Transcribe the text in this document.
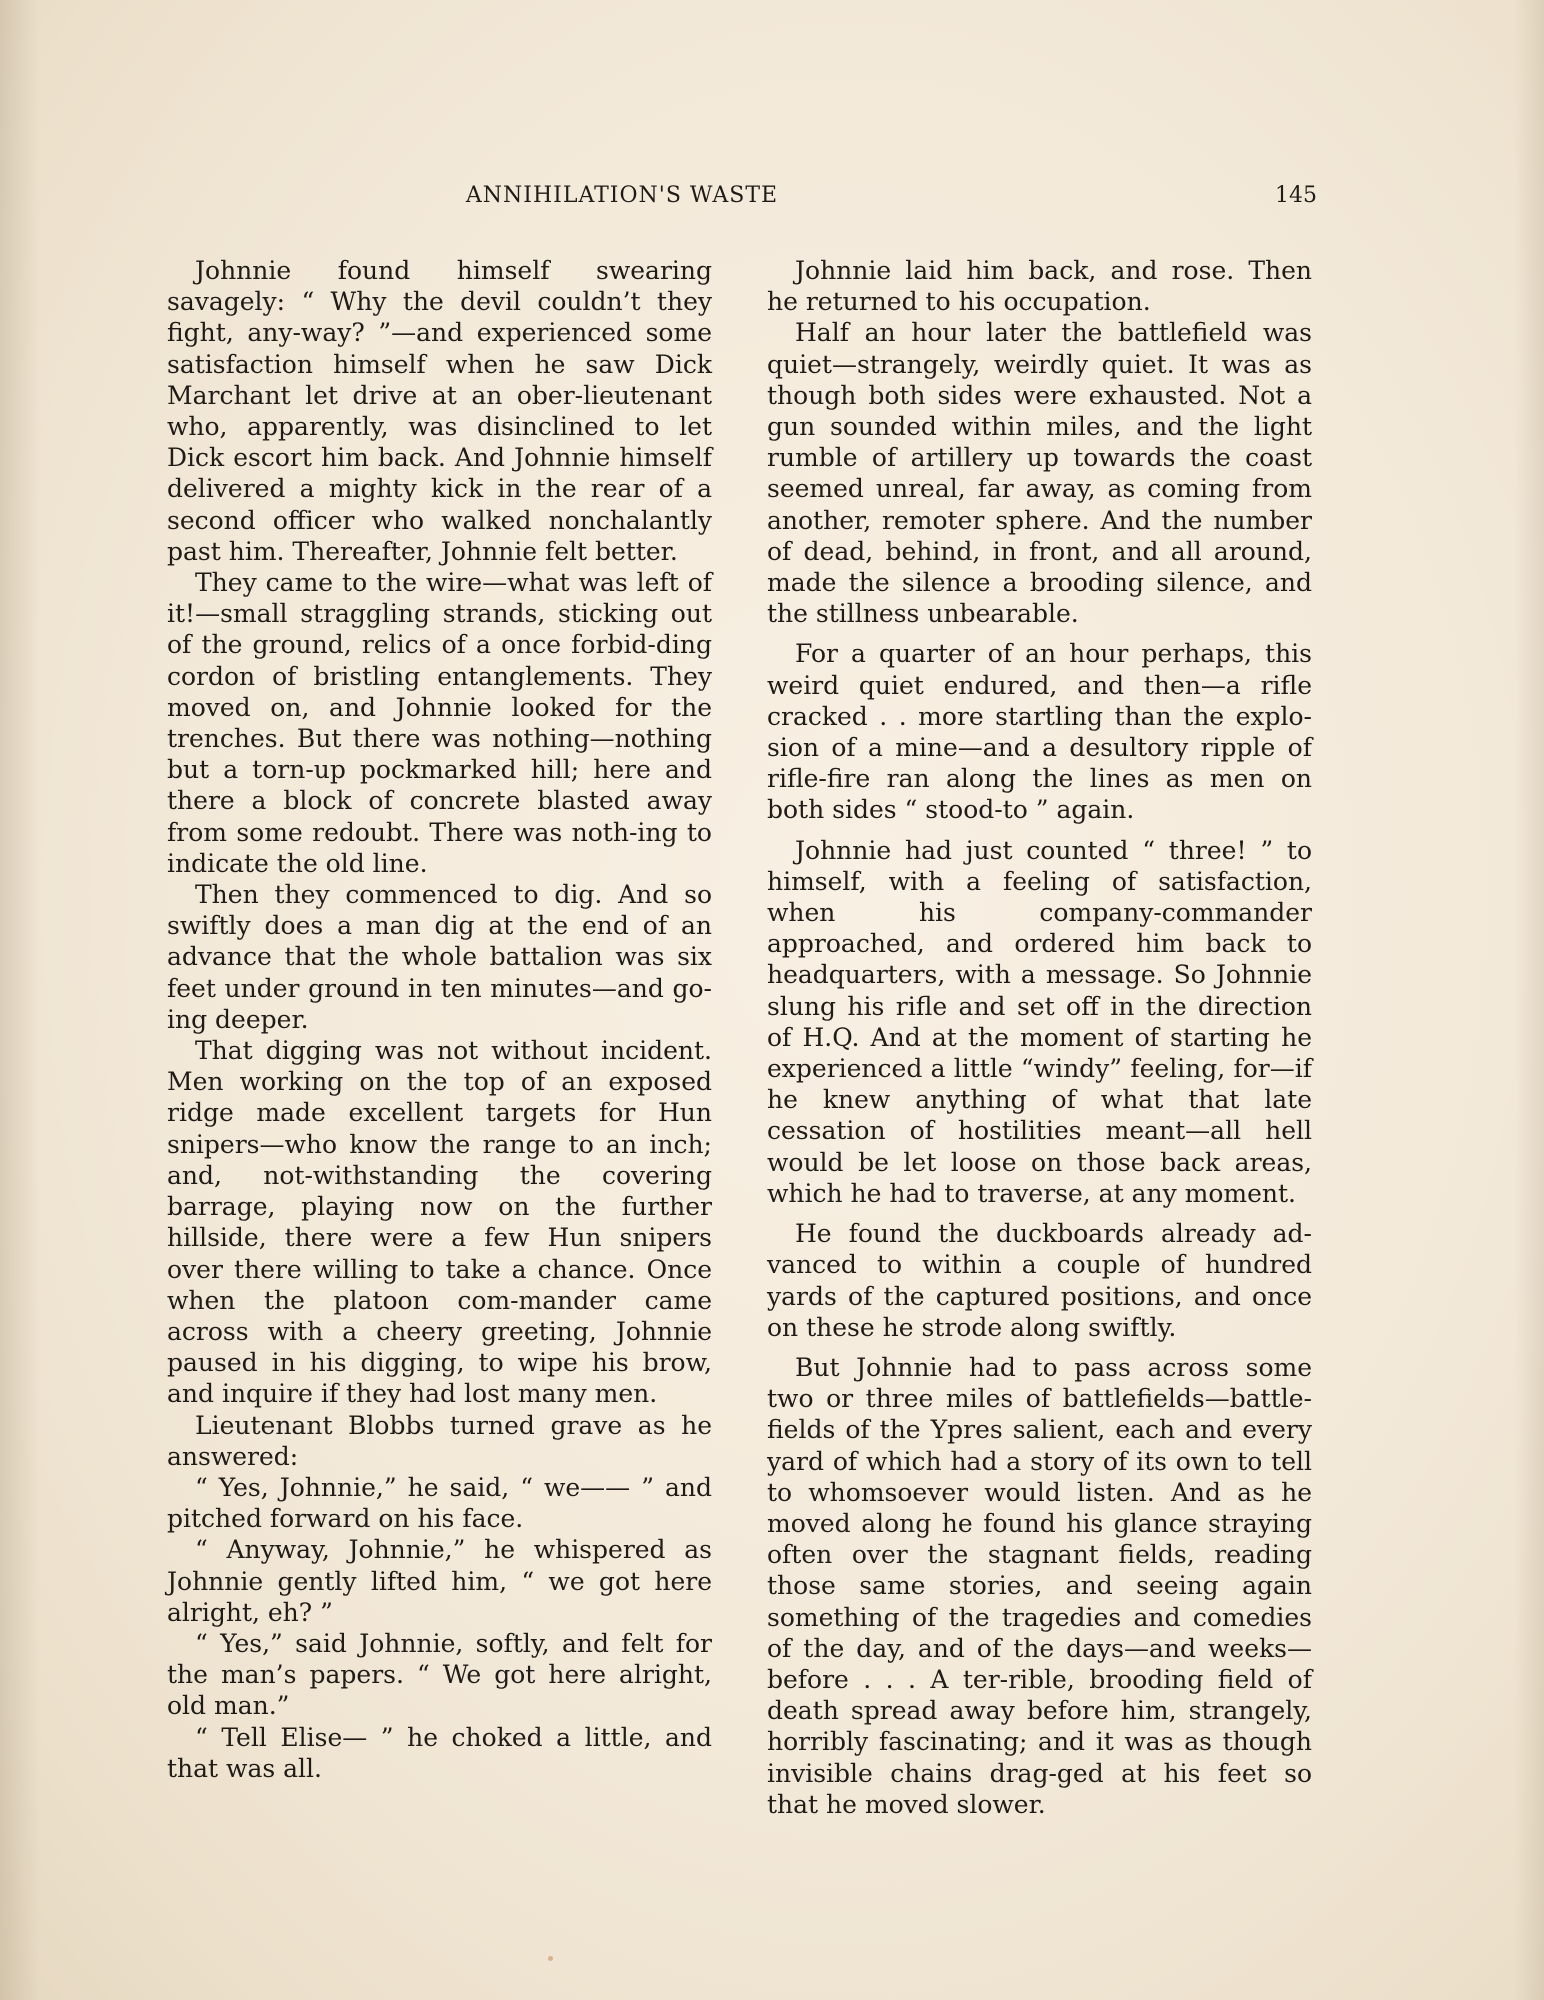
ANNIHILATION'S WASTE	145

Johnnie found himself swearing savagely: “ Why the devil couldn’t they fight, any-way? ”—and experienced some satisfaction himself when he saw Dick Marchant let drive at an ober-lieutenant who, apparently, was disinclined to let Dick escort him back. And Johnnie himself delivered a mighty kick in the rear of a second officer who walked nonchalantly past him. Thereafter, Johnnie felt better.

They came to the wire—what was left of it!—small straggling strands, sticking out of the ground, relics of a once forbid-ding cordon of bristling entanglements. They moved on, and Johnnie looked for the trenches. But there was nothing—nothing but a torn-up pockmarked hill; here and there a block of concrete blasted away from some redoubt. There was noth-ing to indicate the old line.

Then they commenced to dig. And so swiftly does a man dig at the end of an advance that the whole battalion was six feet under ground in ten minutes—and go-ing deeper.

That digging was not without incident. Men working on the top of an exposed ridge made excellent targets for Hun snipers—who know the range to an inch; and, not-withstanding the covering barrage, playing now on the further hillside, there were a few Hun snipers over there willing to take a chance. Once when the platoon com-mander came across with a cheery greeting, Johnnie paused in his digging, to wipe his brow, and inquire if they had lost many men.

Lieutenant Blobbs turned grave as he answered:

“ Yes, Johnnie,” he said, “ we—— ” and pitched forward on his face.

“ Anyway, Johnnie,” he whispered as Johnnie gently lifted him, “ we got here alright, eh? ”

“ Yes,” said Johnnie, softly, and felt for the man’s papers. “ We got here alright, old man.”

“ Tell Elise— ” he choked a little, and that was all.

Johnnie laid him back, and rose. Then he returned to his occupation.

Half an hour later the battlefield was quiet—strangely, weirdly quiet. It was as though both sides were exhausted. Not a gun sounded within miles, and the light rumble of artillery up towards the coast seemed unreal, far away, as coming from another, remoter sphere. And the number of dead, behind, in front, and all around, made the silence a brooding silence, and the stillness unbearable.

For a quarter of an hour perhaps, this weird quiet endured, and then—a rifle cracked . . more startling than the explo-sion of a mine—and a desultory ripple of rifle-fire ran along the lines as men on both sides “ stood-to ” again.

Johnnie had just counted “ three! ” to himself, with a feeling of satisfaction, when his company-commander approached, and ordered him back to headquarters, with a message. So Johnnie slung his rifle and set off in the direction of H.Q. And at the moment of starting he experienced a little “windy” feeling, for—if he knew anything of what that late cessation of hostilities meant—all hell would be let loose on those back areas, which he had to traverse, at any moment.

He found the duckboards already ad-vanced to within a couple of hundred yards of the captured positions, and once on these he strode along swiftly.

But Johnnie had to pass across some two or three miles of battlefields—battle-fields of the Ypres salient, each and every yard of which had a story of its own to tell to whomsoever would listen. And as he moved along he found his glance straying often over the stagnant fields, reading those same stories, and seeing again something of the tragedies and comedies of the day, and of the days—and weeks—before . . . A ter-rible, brooding field of death spread away before him, strangely, horribly fascinating; and it was as though invisible chains drag-ged at his feet so that he moved slower.
